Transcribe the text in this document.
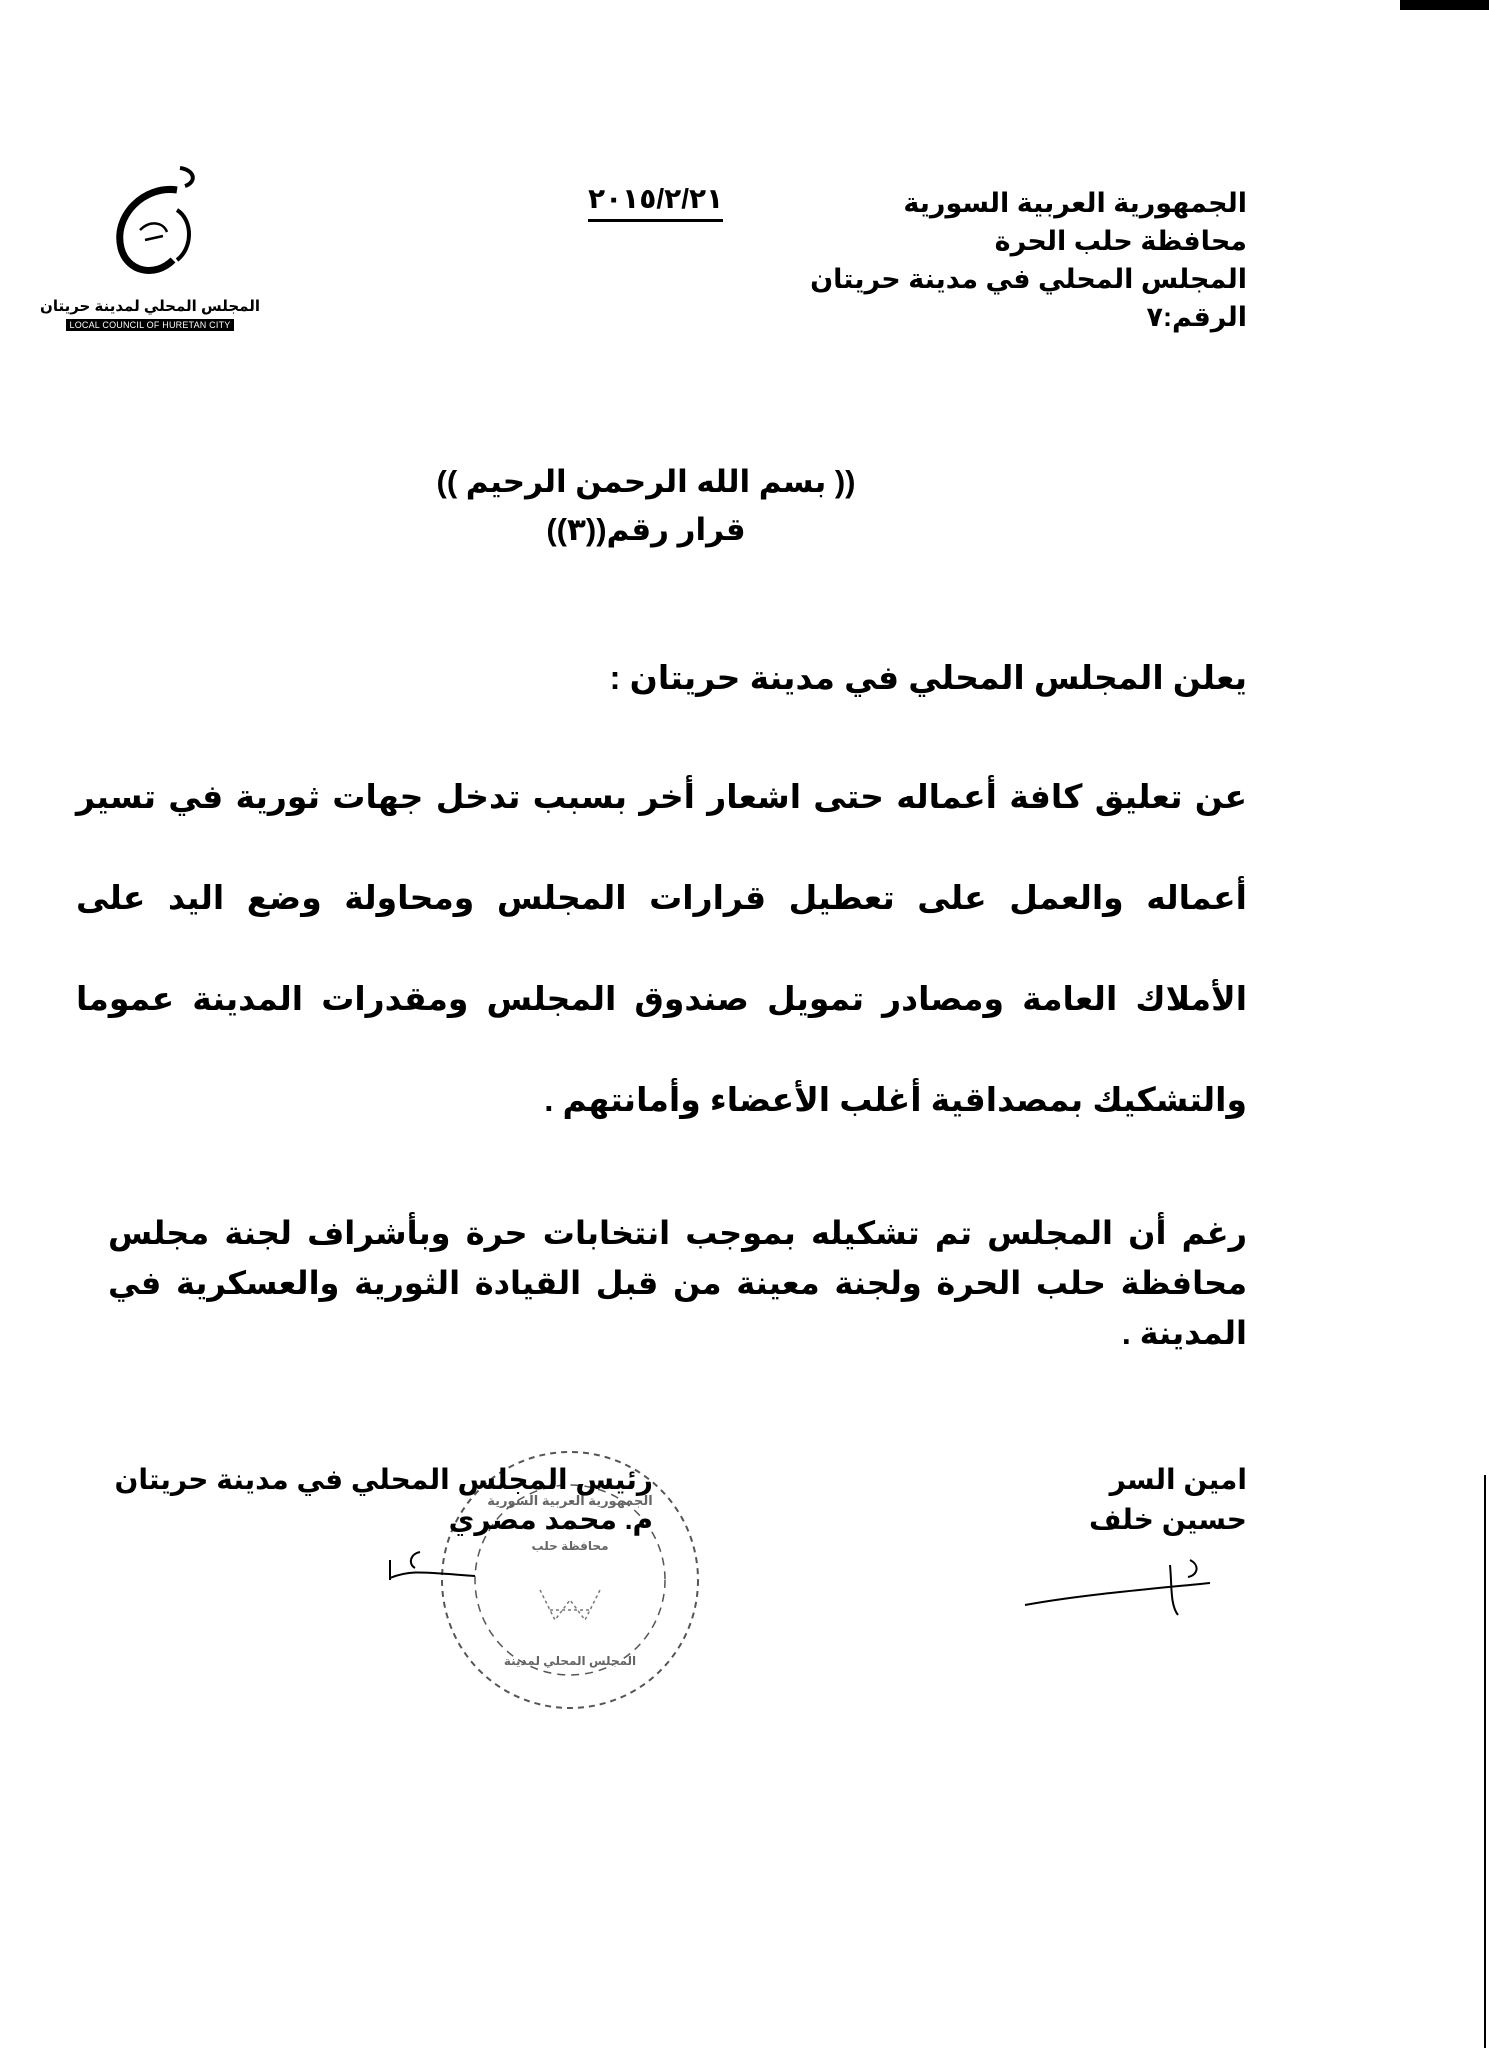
المجلس المحلي لمدينة حريتان
LOCAL COUNCIL OF HURETAN CITY
٢٠١٥/٢/٢١	الجمهورية العربية السورية
محافظة حلب الحرة
المجلس المحلي في مدينة حريتان
الرقم:٧
(( بسم الله الرحمن الرحيم ))
قرار رقم((٣))
يعلن المجلس المحلي في مدينة حريتان :
عن تعليق كافة أعماله حتى اشعار أخر بسبب تدخل جهات ثورية في تسير أعماله والعمل على تعطيل قرارات المجلس ومحاولة وضع اليد على الأملاك العامة ومصادر تمويل صندوق المجلس ومقدرات المدينة عموما والتشكيك بمصداقية أغلب الأعضاء وأمانتهم .
رغم أن المجلس تم تشكيله بموجب انتخابات حرة وبأشراف لجنة مجلس محافظة حلب الحرة ولجنة معينة من قبل القيادة الثورية والعسكرية في المدينة .
الجمهورية العربية السورية
محافظة حلب
المجلس المحلي لمدينة
رئيس المجلس المحلي في مدينة حريتان
م. محمد مصري
امين السر
حسين خلف
